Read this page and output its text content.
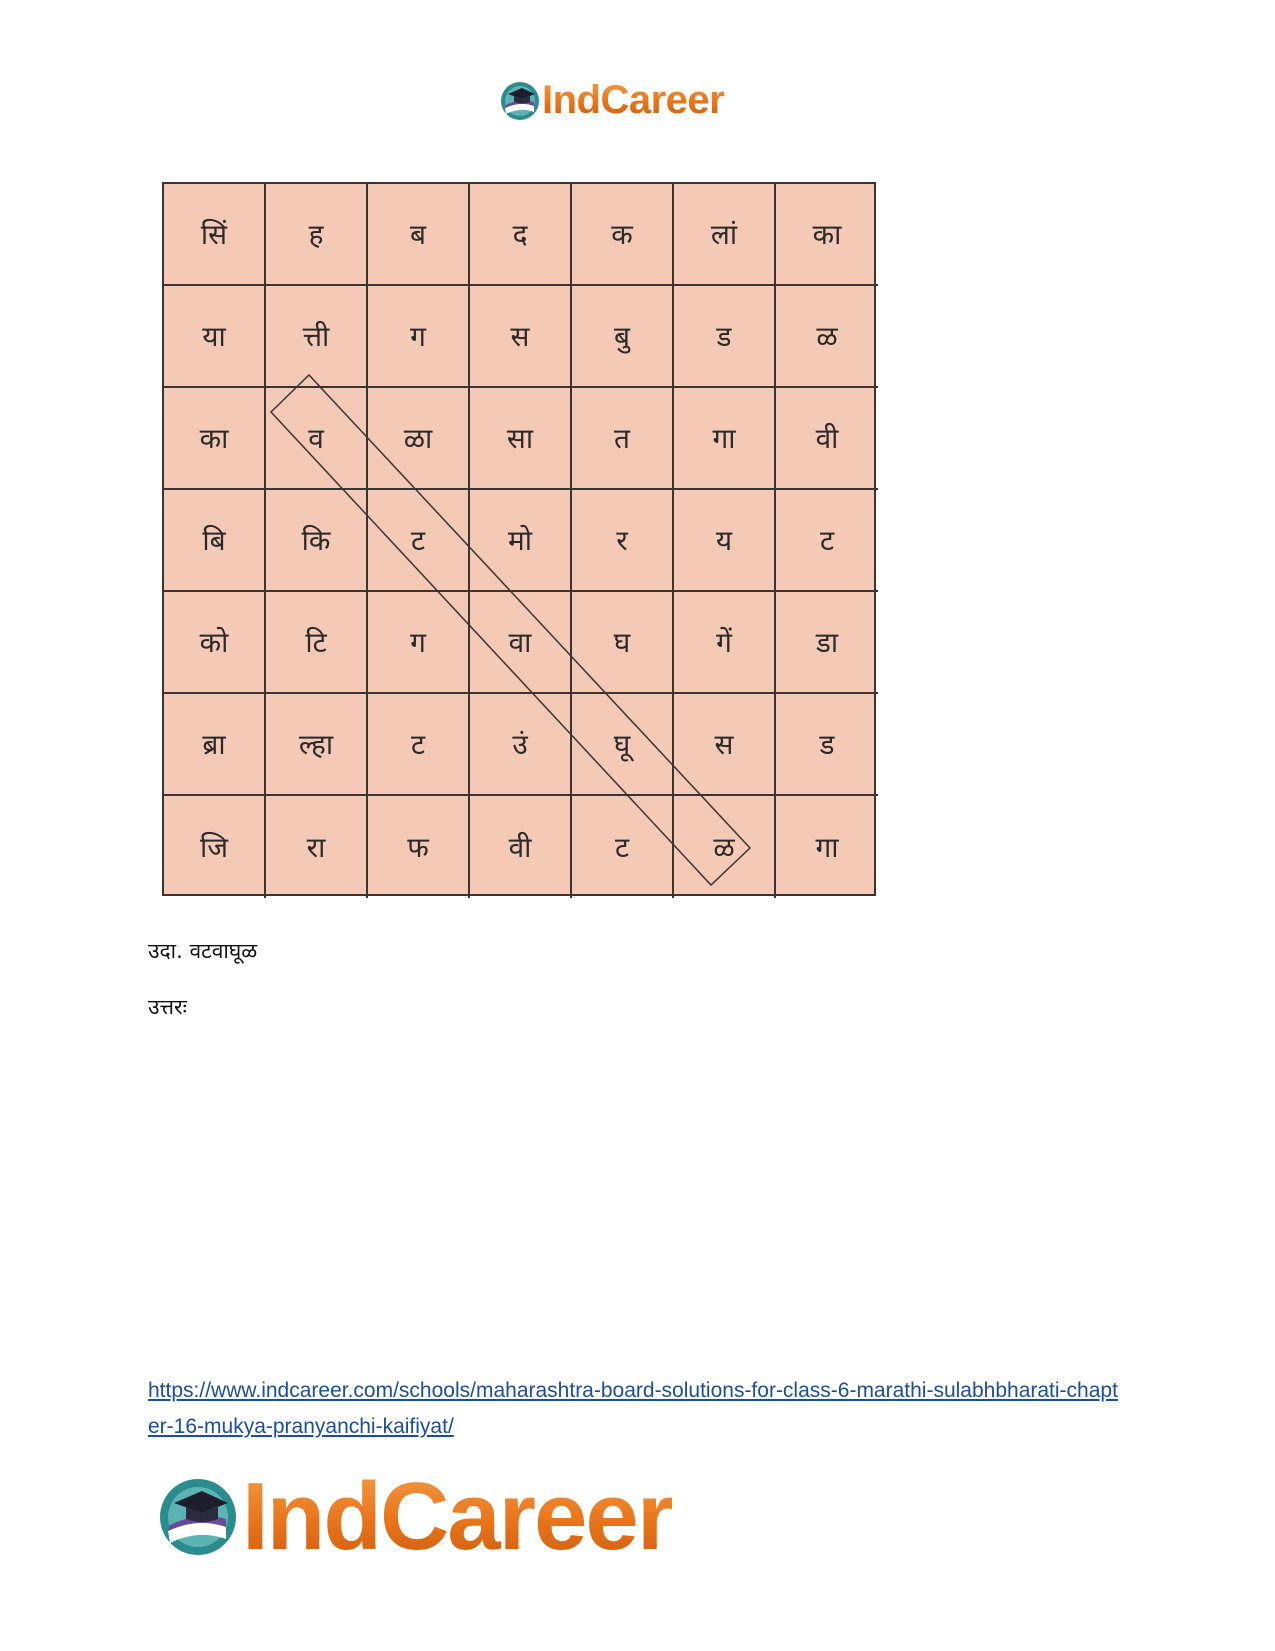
IndCareer
सिं	ह	ब	द	क	लां	का
या	त्ती	ग	स	बु	ड	ळ
का	व	ळा	सा	त	गा	वी
बि	कि	ट	मो	र	य	ट
को	टि	ग	वा	घ	गें	डा
ब्रा	ल्हा	ट	उं	घू	स	ड
जि	रा	फ	वी	ट	ळ	गा
उदा. वटवाघूळ
उत्तरः
https://www.indcareer.com/schools/maharashtra-board-solutions-for-class-6-marathi-sulabhbharati-chapter-16-mukya-pranyanchi-kaifiyat/
IndCareer
